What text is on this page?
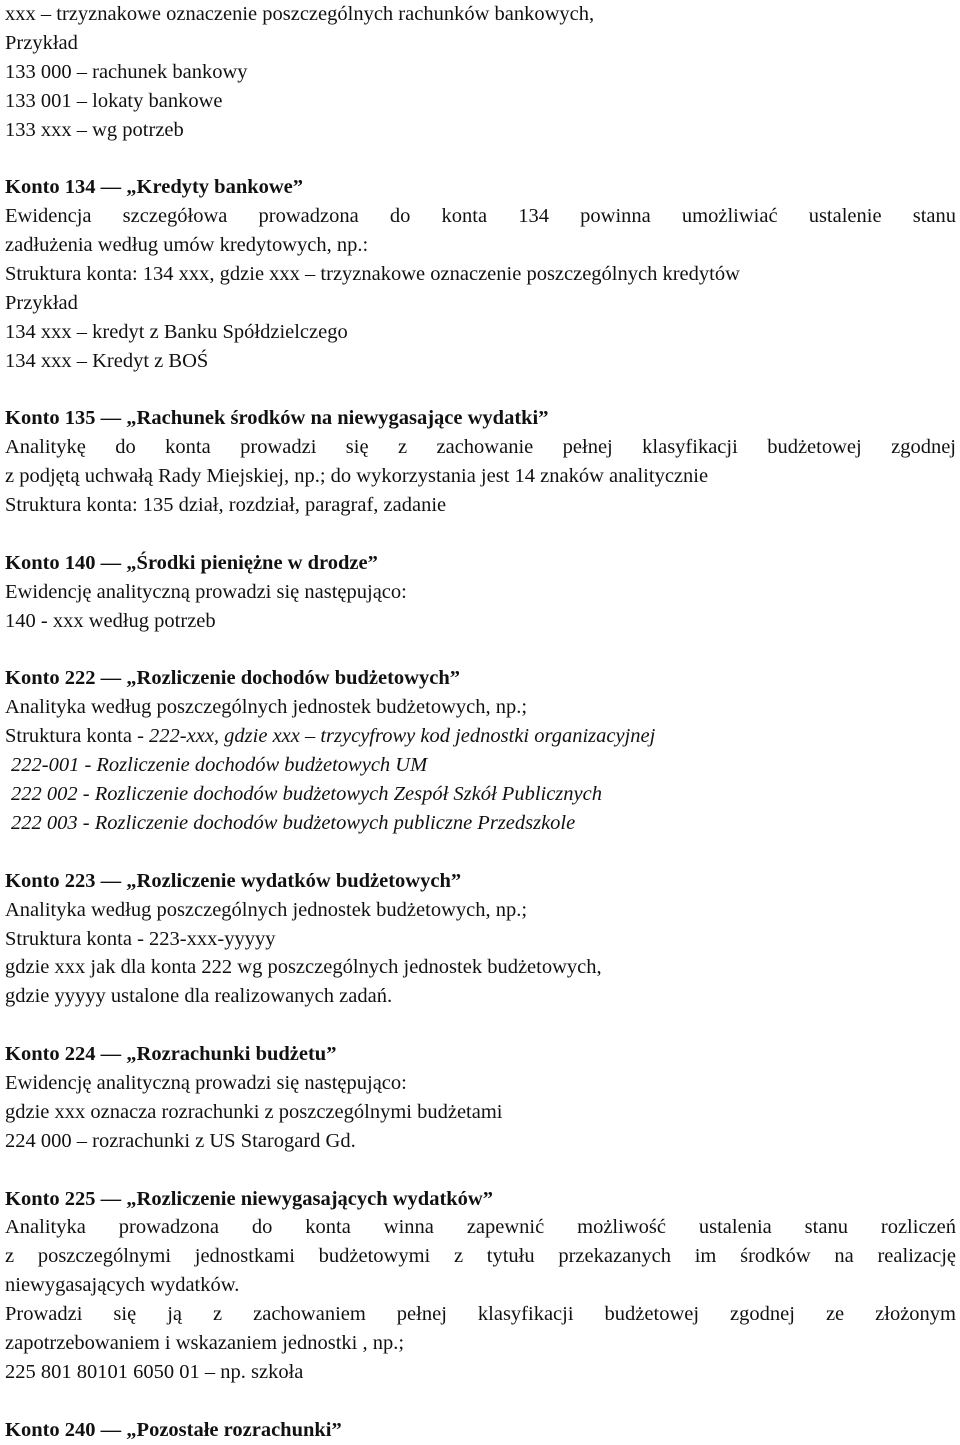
xxx – trzyznakowe oznaczenie poszczególnych rachunków bankowych,
Przykład
133 000 – rachunek bankowy
133 001 – lokaty bankowe
133 xxx – wg potrzeb
Konto 134 — „Kredyty bankowe”
Ewidencja szczegółowa prowadzona do konta 134 powinna umożliwiać ustalenie stanu
zadłużenia według umów kredytowych, np.:
Struktura konta: 134 xxx, gdzie xxx – trzyznakowe oznaczenie poszczególnych kredytów
Przykład
134 xxx – kredyt z Banku Spółdzielczego
134 xxx – Kredyt z BOŚ
Konto 135 — „Rachunek środków na niewygasające wydatki”
Analitykę do konta prowadzi się z zachowanie pełnej klasyfikacji budżetowej zgodnej
z podjętą uchwałą Rady Miejskiej, np.; do wykorzystania jest 14 znaków analitycznie
Struktura konta: 135 dział, rozdział, paragraf, zadanie
Konto 140 — „Środki pieniężne w drodze”
Ewidencję analityczną prowadzi się następująco:
140 - xxx według potrzeb
Konto 222 — „Rozliczenie dochodów budżetowych”
Analityka według poszczególnych jednostek budżetowych, np.;
Struktura konta - 222-xxx, gdzie xxx – trzycyfrowy kod jednostki organizacyjnej
222-001 - Rozliczenie dochodów budżetowych UM
222 002 - Rozliczenie dochodów budżetowych Zespół Szkół Publicznych
222 003 - Rozliczenie dochodów budżetowych publiczne Przedszkole
Konto 223 — „Rozliczenie wydatków budżetowych”
Analityka według poszczególnych jednostek budżetowych, np.;
Struktura konta - 223-xxx-yyyyy
gdzie xxx jak dla konta 222 wg poszczególnych jednostek budżetowych,
gdzie yyyyy ustalone dla realizowanych zadań.
Konto 224 — „Rozrachunki budżetu”
Ewidencję analityczną prowadzi się następująco:
gdzie xxx oznacza rozrachunki z poszczególnymi budżetami
224 000 – rozrachunki z US Starogard Gd.
Konto 225 — „Rozliczenie niewygasających wydatków”
Analityka prowadzona do konta winna zapewnić możliwość ustalenia stanu rozliczeń
z poszczególnymi jednostkami budżetowymi z tytułu przekazanych im środków na realizację
niewygasających wydatków.
Prowadzi się ją z zachowaniem pełnej klasyfikacji budżetowej zgodnej ze złożonym
zapotrzebowaniem i wskazaniem jednostki , np.;
225 801 80101 6050 01 – np. szkoła
Konto 240 — „Pozostałe rozrachunki”
